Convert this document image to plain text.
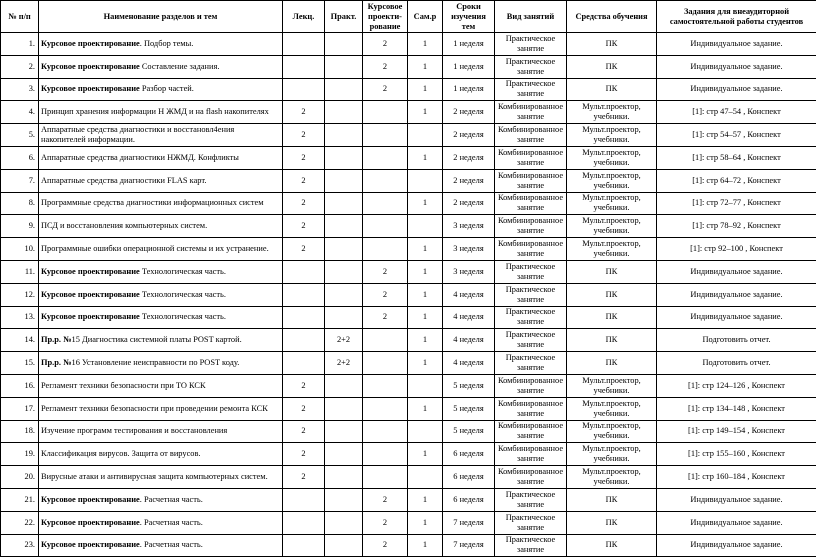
№ п/п	Наименование разделов и тем	Лекц.	Практ.	Курсовое проекти- рование	Сам.р	Сроки изучения тем	Вид занятий	Средства обучения	Задания для внеаудиторной самостоятельной работы студентов
1.	Курсовое проектирование. Подбор темы.			2	1	1 неделя	Практическое занятие	ПК	Индивидуальное задание.
2.	Курсовое проектирование Составление задания.			2	1	1 неделя	Практическое занятие	ПК	Индивидуальное задание.
3.	Курсовое проектирование Разбор частей.			2	1	1 неделя	Практическое занятие	ПК	Индивидуальное задание.
4.	Принцип хранения информации Н ЖМД и на flash накопителях	2			1	2 неделя	Комбинированное занятие	Мульт.проектор, учебники.	[1]: стр 47–54 , Конспект
5.	Аппаратные средства диагностики и восстановл4ения накопителей информации.	2				2 неделя	Комбинированное занятие	Мульт.проектор, учебники.	[1]: стр 54–57 , Конспект
6.	Аппаратные средства диагностики НЖМД. Конфликты	2			1	2 неделя	Комбинированное занятие	Мульт.проектор, учебники.	[1]: стр 58–64 , Конспект
7.	Аппаратные средства диагностики FLAS карт.	2				2 неделя	Комбинированное занятие	Мульт.проектор, учебники.	[1]: стр 64–72 , Конспект
8.	Программные средства диагностики информационных систем	2			1	2 неделя	Комбинированное занятие	Мульт.проектор, учебники.	[1]: стр 72–77 , Конспект
9.	ПСД и восстановления компьютерных систем.	2				3 неделя	Комбинированное занятие	Мульт.проектор, учебники.	[1]: стр 78–92 , Конспект
10.	Программные ошибки операционной системы и их устранение.	2			1	3 неделя	Комбинированное занятие	Мульт.проектор, учебники.	[1]: стр 92–100 , Конспект
11.	Курсовое проектирование Технологическая часть.			2	1	3 неделя	Практическое занятие	ПК	Индивидуальное задание.
12.	Курсовое проектирование Технологическая часть.			2	1	4 неделя	Практическое занятие	ПК	Индивидуальное задание.
13.	Курсовое проектирование Технологическая часть.			2	1	4 неделя	Практическое занятие	ПК	Индивидуальное задание.
14.	Пр.р. №15 Диагностика системной платы POST картой.		2+2		1	4 неделя	Практическое занятие	ПК	Подготовить отчет.
15.	Пр.р. №16 Установление неисправности по POST коду.		2+2		1	4 неделя	Практическое занятие	ПК	Подготовить отчет.
16.	Регламент техники безопасности при ТО КСК	2				5 неделя	Комбинированное занятие	Мульт.проектор, учебники.	[1]: стр 124–126 , Конспект
17.	Регламент техники безопасности при проведении ремонта КСК	2			1	5 неделя	Комбинированное занятие	Мульт.проектор, учебники.	[1]: стр 134–148 , Конспект
18.	Изучение программ тестирования и восстановления	2				5 неделя	Комбинированное занятие	Мульт.проектор, учебники.	[1]: стр 149–154 , Конспект
19.	Классификация вирусов. Защита от вирусов.	2			1	6 неделя	Комбинированное занятие	Мульт.проектор, учебники.	[1]: стр 155–160 , Конспект
20.	Вирусные атаки и антивирусная защита компьютерных систем.	2				6 неделя	Комбинированное занятие	Мульт.проектор, учебники.	[1]: стр 160–184 , Конспект
21.	Курсовое проектирование. Расчетная часть.			2	1	6 неделя	Практическое занятие	ПК	Индивидуальное задание.
22.	Курсовое проектирование. Расчетная часть.			2	1	7 неделя	Практическое занятие	ПК	Индивидуальное задание.
23.	Курсовое проектирование. Расчетная часть.			2	1	7 неделя	Практическое занятие	ПК	Индивидуальное задание.
